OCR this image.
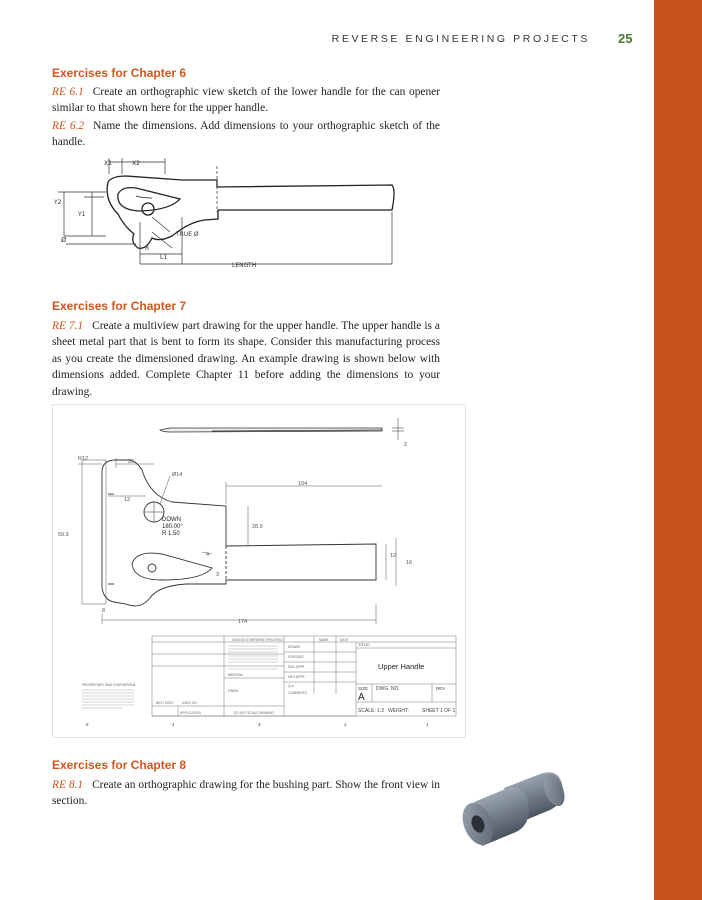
REVERSE ENGINEERING PROJECTS 25
Exercises for Chapter 6
RE 6.1 Create an orthographic view sketch of the lower handle for the can opener similar to that shown here for the upper handle.
RE 6.2 Name the dimensions. Add dimensions to your orthographic sketch of the handle.
X1	X2
Y2
Y1
Ø
TRUE Ø
R
L1
LENGTH
Exercises for Chapter 7
RE 7.1 Create a multiview part drawing for the upper handle. The upper handle is a sheet metal part that is bent to form its shape. Consider this manufacturing process as you create the dimensioned drawing. An example drawing is shown below with dimensions added. Complete Chapter 11 before adding the dimensions to your drawing.
R12	26
Ø14
104
12
28.9
59.9
4
3
12
16
8
174
2
DOWN
180.00°
R 1.50
UNLESS OTHERWISE SPECIFIED:	NAME	DATE
DRAWN
CHECKED
ENG APPR.
MFG APPR.
Q.A.
COMMENTS:
TITLE:
Upper Handle
SIZE DWG. NO.	REV
A
SCALE: 1:2 WEIGHT:	SHEET 1 OF 1
MATERIAL
FINISH
NEXT ASSY	USED ON
APPLICATION	DO NOT SCALE DRAWING
PROPRIETARY AND CONFIDENTIAL
5	4	3	2	1
Exercises for Chapter 8
RE 8.1 Create an orthographic drawing for the bushing part. Show the front view in section.
